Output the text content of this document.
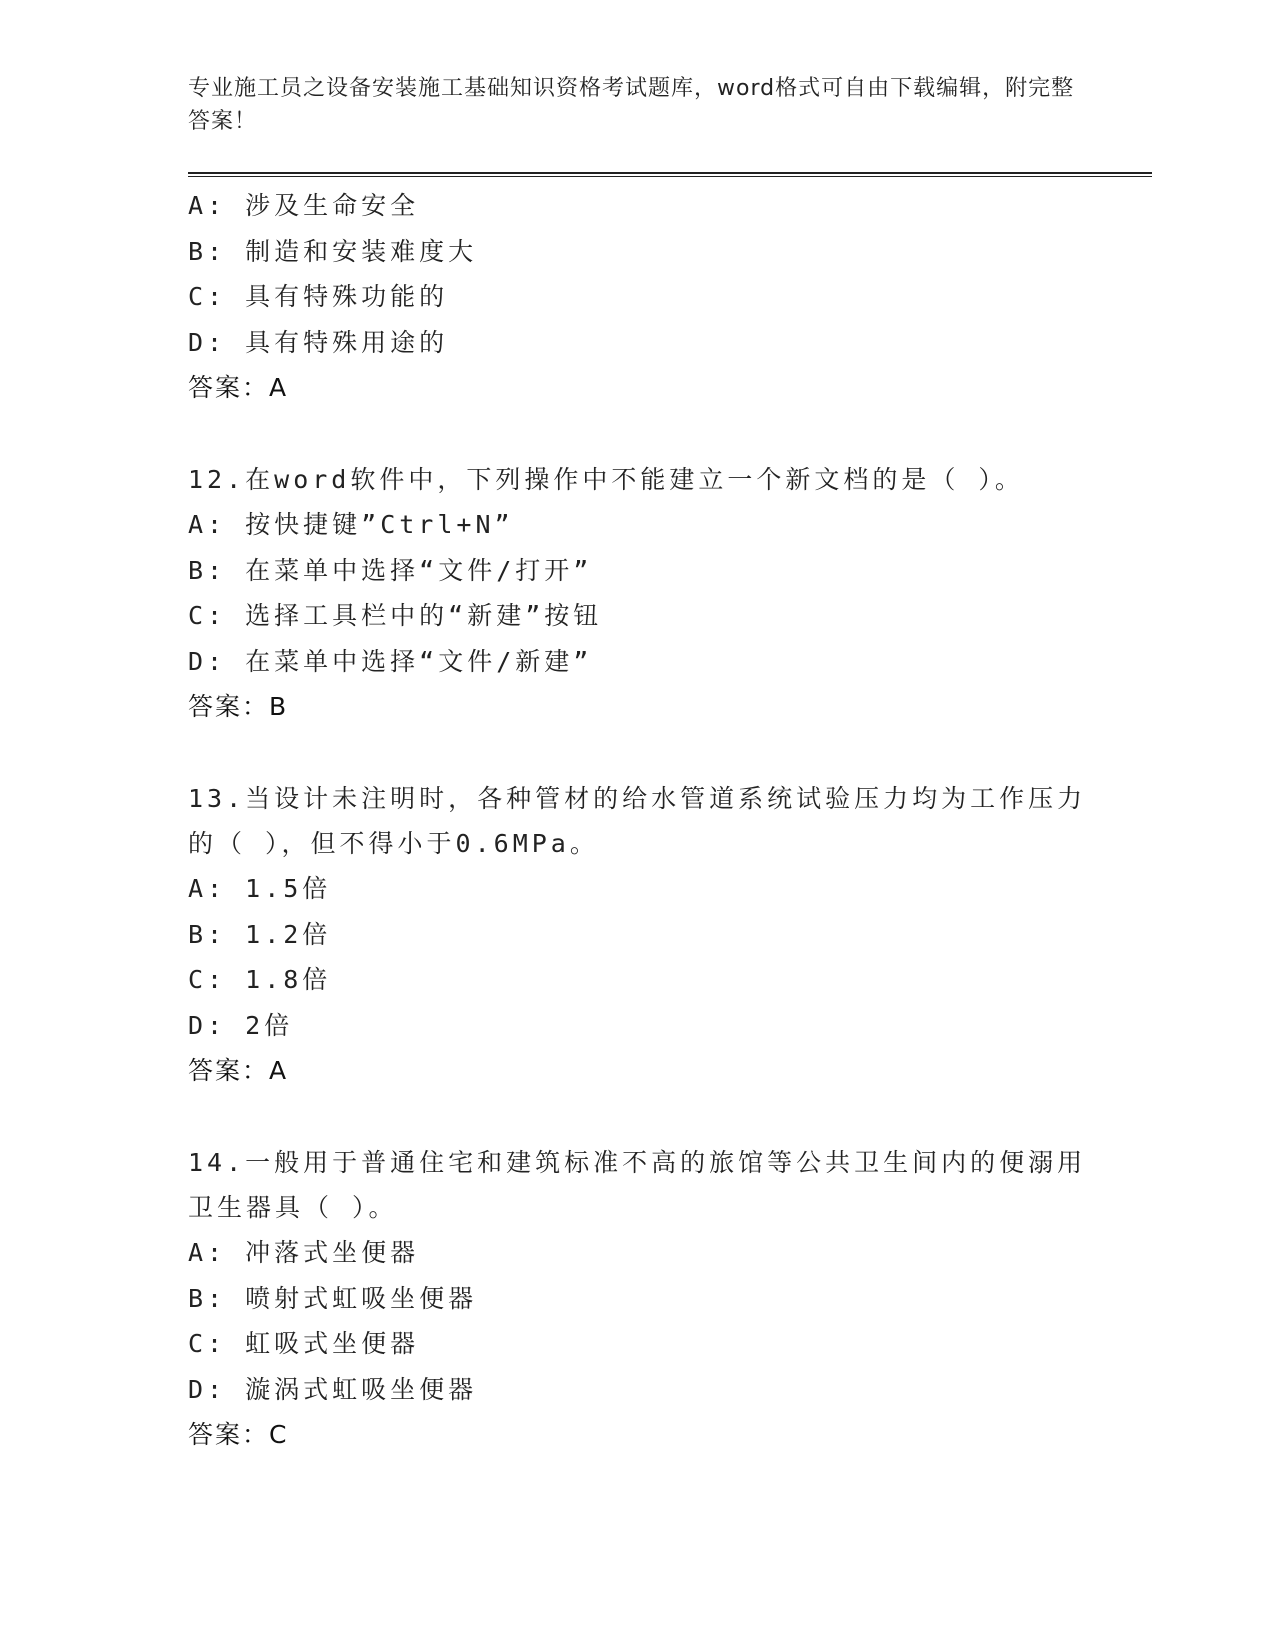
专业施工员之设备安装施工基础知识资格考试题库，word格式可自由下载编辑，附完整答案！
A: 涉及生命安全
B: 制造和安装难度大
C: 具有特殊功能的
D: 具有特殊用途的
答案：A
12.在word软件中，下列操作中不能建立一个新文档的是（ ）。
A: 按快捷键”Ctrl+N”
B: 在菜单中选择“文件/打开”
C: 选择工具栏中的“新建”按钮
D: 在菜单中选择“文件/新建”
答案：B
13.当设计未注明时，各种管材的给水管道系统试验压力均为工作压力的（ ），但不得小于0.6MPa。
A: 1.5倍
B: 1.2倍
C: 1.8倍
D: 2倍
答案：A
14.一般用于普通住宅和建筑标准不高的旅馆等公共卫生间内的便溺用卫生器具（ ）。
A: 冲落式坐便器
B: 喷射式虹吸坐便器
C: 虹吸式坐便器
D: 漩涡式虹吸坐便器
答案：C
